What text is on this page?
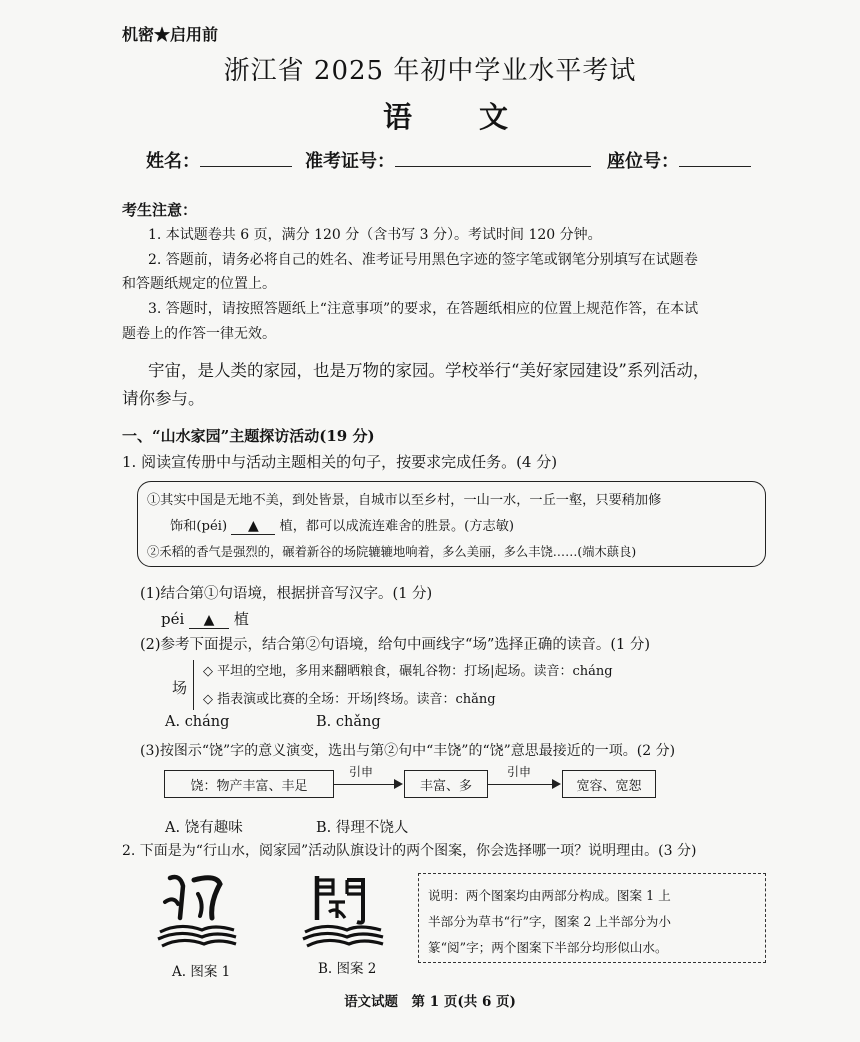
机密★启用前
浙江省 2025 年初中学业水平考试
语 文
姓名：	准考证号：	座位号：
考生注意：
1. 本试题卷共 6 页，满分 120 分（含书写 3 分）。考试时间 120 分钟。
2. 答题前，请务必将自己的姓名、准考证号用黑色字迹的签字笔或钢笔分别填写在试题卷
和答题纸规定的位置上。
3. 答题时，请按照答题纸上“注意事项”的要求，在答题纸相应的位置上规范作答，在本试
题卷上的作答一律无效。
宇宙，是人类的家园，也是万物的家园。学校举行“美好家园建设”系列活动，
请你参与。
一、“山水家园”主题探访活动(19 分)
1. 阅读宣传册中与活动主题相关的句子，按要求完成任务。(4 分)
①其实中国是无地不美，到处皆景，自城市以至乡村，一山一水，一丘一壑，只要稍加修
饰和(péi) ▲ 植，都可以成流连难舍的胜景。(方志敏)
②禾稻的香气是强烈的，碾着新谷的场院辘辘地响着，多么美丽，多么丰饶……(端木蕻良)
(1)结合第①句语境，根据拼音写汉字。(1 分)
péi ▲ 植
(2)参考下面提示，结合第②句语境，给句中画线字“场”选择正确的读音。(1 分)
场
◇ 平坦的空地，多用来翻晒粮食，碾轧谷物：打场|起场。读音：cháng
◇ 指表演或比赛的全场：开场|终场。读音：chǎng
A. cháng	B. chǎng
(3)按图示“饶”字的意义演变，选出与第②句中“丰饶”的“饶”意思最接近的一项。(2 分)
饶：物产丰富、丰足
引申
丰富、多
引申
宽容、宽恕
A. 饶有趣味	B. 得理不饶人
2. 下面是为“行山水，阅家园”活动队旗设计的两个图案，你会选择哪一项？说明理由。(3 分)
A. 图案 1	B. 图案 2
说明：两个图案均由两部分构成。图案 1 上
半部分为草书“行”字，图案 2 上半部分为小
篆“阅”字；两个图案下半部分均形似山水。
语文试题　第 1 页(共 6 页)
